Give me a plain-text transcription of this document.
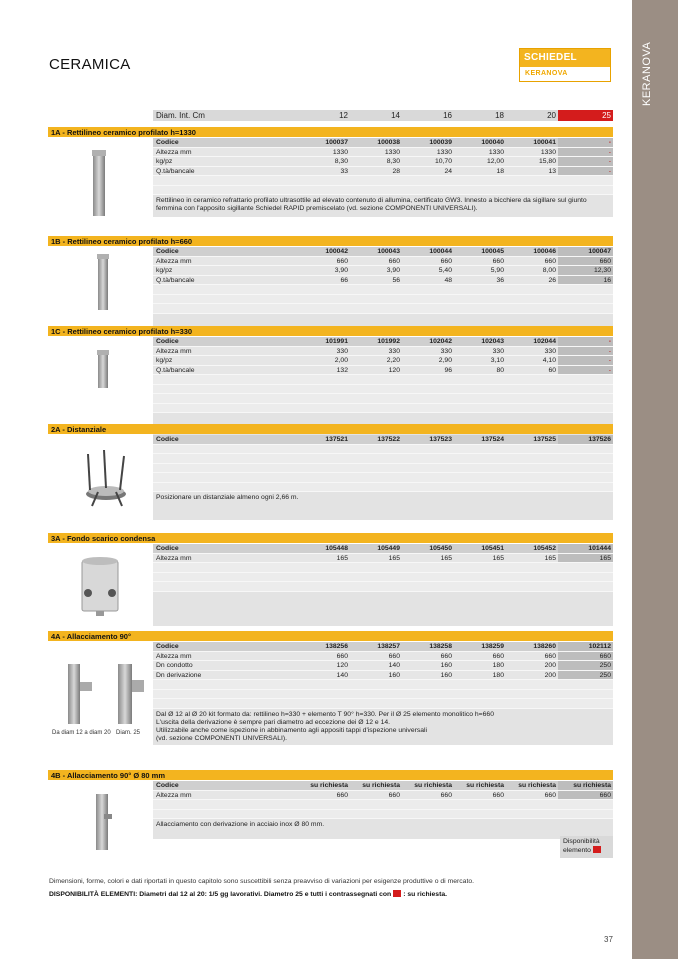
KERANOVA
CERAMICA	SCHIEDEL
KERANOVA
Diam. Int. Cm	12	14	16	18	20	25
1A - Rettilineo ceramico profilato h=1330
Codice	100037	100038	100039	100040	100041	-
Altezza mm	1330	1330	1330	1330	1330	-
kg/pz	8,30	8,30	10,70	12,00	15,80	-
Q.tà/bancale	33	28	24	18	13	-
Rettilineo in ceramico refrattario profilato ultrasottile ad elevato contenuto di allumina, certificato GW3. Innesto a bicchiere da sigillare sul giunto femmina con l'apposito sigillante Schiedel RAPID premiscelato (vd. sezione COMPONENTI UNIVERSALI).
1B - Rettilineo ceramico profilato h=660
Codice	100042	100043	100044	100045	100046	100047
Altezza mm	660	660	660	660	660	660
kg/pz	3,90	3,90	5,40	5,90	8,00	12,30
Q.tà/bancale	66	56	48	36	26	16
1C - Rettilineo ceramico profilato h=330
Codice	101991	101992	102042	102043	102044	-
Altezza mm	330	330	330	330	330	-
kg/pz	2,00	2,20	2,90	3,10	4,10	-
Q.tà/bancale	132	120	96	80	60	-
2A - Distanziale
Codice	137521	137522	137523	137524	137525	137526
Posizionare un distanziale almeno ogni 2,66 m.
3A - Fondo scarico condensa
Codice	105448	105449	105450	105451	105452	101444
Altezza mm	165	165	165	165	165	165
4A - Allacciamento 90°
Codice	138256	138257	138258	138259	138260	102112
Altezza mm	660	660	660	660	660	660
Dn condotto	120	140	160	180	200	250
Dn derivazione	140	160	160	180	200	250
Dal Ø 12 al Ø 20 kit formato da: rettilineo h=330 + elemento T 90° h=330. Per il Ø 25 elemento monolitico h=660
L'uscita della derivazione è sempre pari diametro ad eccezione dei Ø 12 e 14.
Utilizzabile anche come ispezione in abbinamento agli appositi tappi d'ispezione universali
(vd. sezione COMPONENTI UNIVERSALI).
4B - Allacciamento 90° Ø 80 mm
Codice	su richiesta	su richiesta	su richiesta	su richiesta	su richiesta	su richiesta
Altezza mm	660	660	660	660	660	660
Allacciamento con derivazione in acciaio inox Ø 80 mm.
Da diam 12 a diam 20 Diam. 25
Disponibilità elemento
Dimensioni, forme, colori e dati riportati in questo capitolo sono suscettibili senza preavviso di variazioni per esigenze produttive o di mercato.
DISPONIBILITÀ ELEMENTI: Diametri dal 12 al 20: 1/5 gg lavorativi. Diametro 25 e tutti i contrassegnati con : su richiesta.
37
